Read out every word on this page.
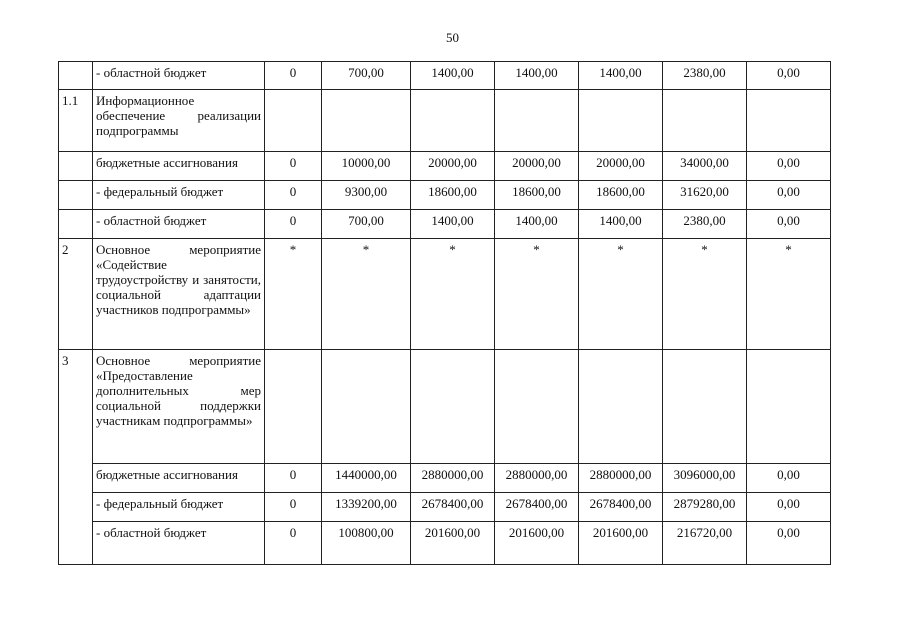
50
	- областной бюджет	0	700,00	1400,00	1400,00	1400,00	2380,00	0,00
1.1	Информационное обеспечение реализации подпрограммы							
	бюджетные ассигнования	0	10000,00	20000,00	20000,00	20000,00	34000,00	0,00
	- федеральный бюджет	0	9300,00	18600,00	18600,00	18600,00	31620,00	0,00
	- областной бюджет	0	700,00	1400,00	1400,00	1400,00	2380,00	0,00
2	Основное мероприятие «Содействие трудоустройству и занятости, социальной адаптации участников подпрограммы»	*	*	*	*	*	*	*
3	Основное мероприятие «Предоставление дополнительных мер социальной поддержки участникам подпрограммы»							
	бюджетные ассигнования	0	1440000,00	2880000,00	2880000,00	2880000,00	3096000,00	0,00
	- федеральный бюджет	0	1339200,00	2678400,00	2678400,00	2678400,00	2879280,00	0,00
	- областной бюджет	0	100800,00	201600,00	201600,00	201600,00	216720,00	0,00
